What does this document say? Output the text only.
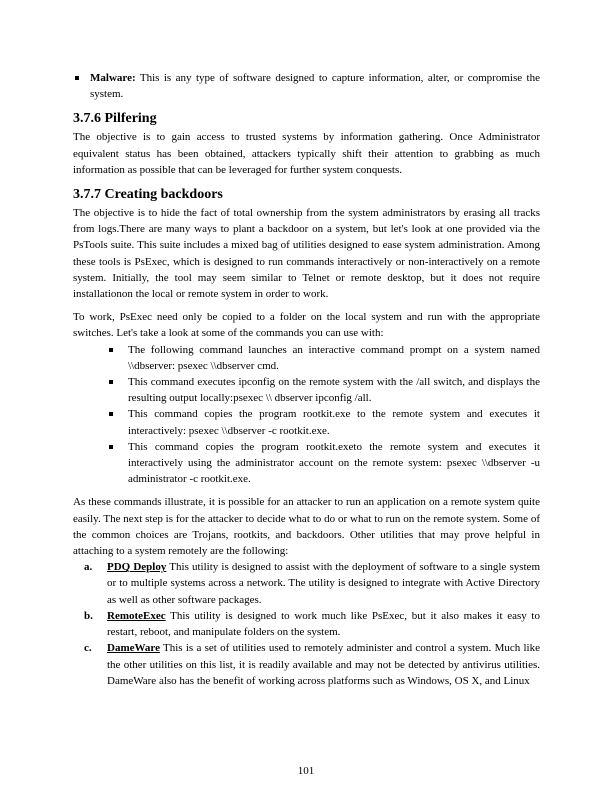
Malware: This is any type of software designed to capture information, alter, or compromise the system.
3.7.6 Pilfering

The objective is to gain access to trusted systems by information gathering. Once Administrator equivalent status has been obtained, attackers typically shift their attention to grabbing as much information as possible that can be leveraged for further system conquests.

3.7.7 Creating backdoors

The objective is to hide the fact of total ownership from the system administrators by erasing all tracks from logs.There are many ways to plant a backdoor on a system, but let's look at one provided via the PsTools suite. This suite includes a mixed bag of utilities designed to ease system administration. Among these tools is PsExec, which is designed to run commands interactively or non-interactively on a remote system. Initially, the tool may seem similar to Telnet or remote desktop, but it does not require installationon the local or remote system in order to work.

To work, PsExec need only be copied to a folder on the local system and run with the appropriate switches. Let's take a look at some of the commands you can use with:

The following command launches an interactive command prompt on a system named \\dbserver: psexec \\dbserver cmd.
This command executes ipconfig on the remote system with the /all switch, and displays the resulting output locally:psexec \\ dbserver ipconfig /all.
This command copies the program rootkit.exe to the remote system and executes it interactively: psexec \\dbserver -c rootkit.exe.
This command copies the program rootkit.exeto the remote system and executes it interactively using the administrator account on the remote system: psexec \\dbserver -u administrator -c rootkit.exe.

As these commands illustrate, it is possible for an attacker to run an application on a remote system quite easily. The next step is for the attacker to decide what to do or what to run on the remote system. Some of the common choices are Trojans, rootkits, and backdoors. Other utilities that may prove helpful in attaching to a system remotely are the following:

a. PDQ Deploy This utility is designed to assist with the deployment of software to a single system or to multiple systems across a network. The utility is designed to integrate with Active Directory as well as other software packages.
b. RemoteExec This utility is designed to work much like PsExec, but it also makes it easy to restart, reboot, and manipulate folders on the system.
c. DameWare This is a set of utilities used to remotely administer and control a system. Much like the other utilities on this list, it is readily available and may not be detected by antivirus utilities. DameWare also has the benefit of working across platforms such as Windows, OS X, and Linux
101
